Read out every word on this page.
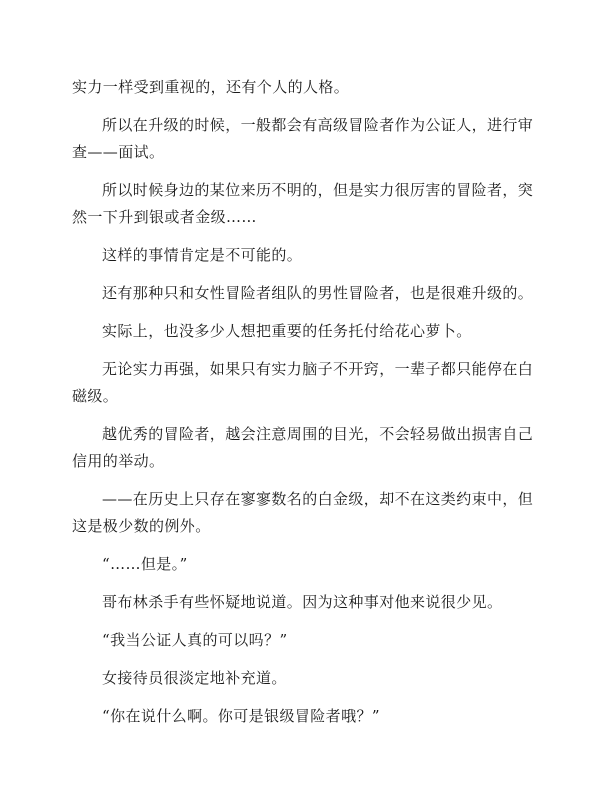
实力一样受到重视的，还有个人的人格。

所以在升级的时候，一般都会有高级冒险者作为公证人，进行审查——面试。

所以时候身边的某位来历不明的，但是实力很厉害的冒险者，突然一下升到银或者金级……

这样的事情肯定是不可能的。

还有那种只和女性冒险者组队的男性冒险者，也是很难升级的。

实际上，也没多少人想把重要的任务托付给花心萝卜。

无论实力再强，如果只有实力脑子不开窍，一辈子都只能停在白磁级。

越优秀的冒险者，越会注意周围的目光，不会轻易做出损害自己信用的举动。

——在历史上只存在寥寥数名的白金级，却不在这类约束中，但这是极少数的例外。

“……但是。”

哥布林杀手有些怀疑地说道。因为这种事对他来说很少见。

“我当公证人真的可以吗？”

女接待员很淡定地补充道。

“你在说什么啊。你可是银级冒险者哦？”
